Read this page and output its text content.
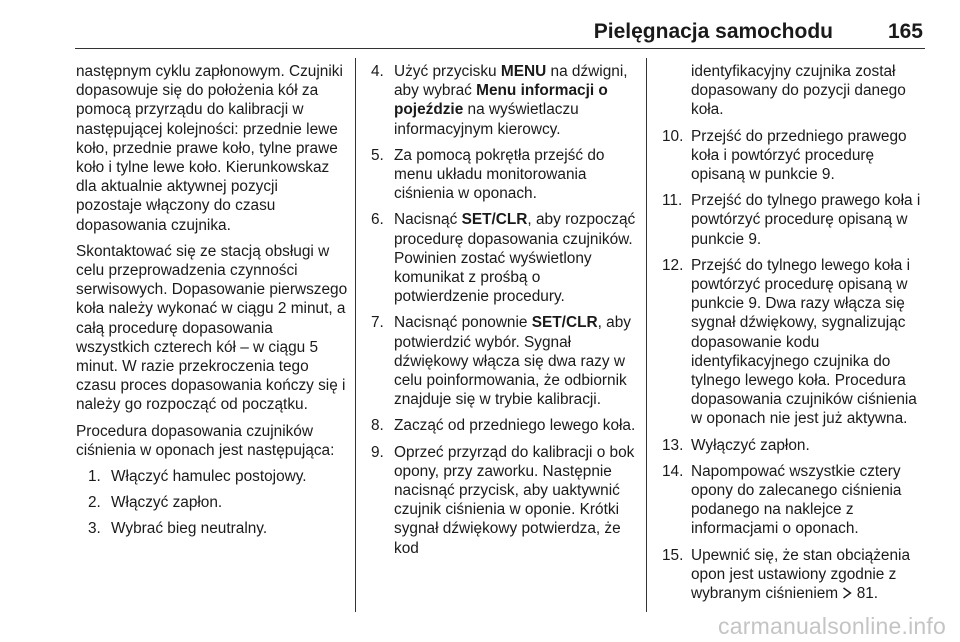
Pielęgnacja samochodu	165

następnym cyklu zapłonowym. Czujniki dopasowuje się do położenia kół za pomocą przyrządu do kalibracji w następującej kolejności: przednie lewe koło, przednie prawe koło, tylne prawe koło i tylne lewe koło. Kierunkowskaz dla aktualnie aktywnej pozycji pozostaje włączony do czasu dopasowania czujnika.

Skontaktować się ze stacją obsługi w celu przeprowadzenia czynności serwisowych. Dopasowanie pierwszego koła należy wykonać w ciągu 2 minut, a całą procedurę dopasowania wszystkich czterech kół – w ciągu 5 minut. W razie przekroczenia tego czasu proces dopasowania kończy się i należy go rozpocząć od początku.

Procedura dopasowania czujników ciśnienia w oponach jest następująca:

1. Włączyć hamulec postojowy.
2. Włączyć zapłon.
3. Wybrać bieg neutralny.
4. Użyć przycisku MENU na dźwigni, aby wybrać Menu informacji o pojeździe na wyświetlaczu informacyjnym kierowcy.
5. Za pomocą pokrętła przejść do menu układu monitorowania ciśnienia w oponach.
6. Nacisnąć SET/CLR, aby rozpocząć procedurę dopasowania czujników. Powinien zostać wyświetlony komunikat z prośbą o potwierdzenie procedury.
7. Nacisnąć ponownie SET/CLR, aby potwierdzić wybór. Sygnał dźwiękowy włącza się dwa razy w celu poinformowania, że odbiornik znajduje się w trybie kalibracji.
8. Zacząć od przedniego lewego koła.
9. Oprzeć przyrząd do kalibracji o bok opony, przy zaworku. Następnie nacisnąć przycisk, aby uaktywnić czujnik ciśnienia w oponie. Krótki sygnał dźwiękowy potwierdza, że kod

identyfikacyjny czujnika został dopasowany do pozycji danego koła.

10. Przejść do przedniego prawego koła i powtórzyć procedurę opisaną w punkcie 9.
11. Przejść do tylnego prawego koła i powtórzyć procedurę opisaną w punkcie 9.
12. Przejść do tylnego lewego koła i powtórzyć procedurę opisaną w punkcie 9. Dwa razy włącza się sygnał dźwiękowy, sygnalizując dopasowanie kodu identyfikacyjnego czujnika do tylnego lewego koła. Procedura dopasowania czujników ciśnienia w oponach nie jest już aktywna.
13. Wyłączyć zapłon.
14. Napompować wszystkie cztery opony do zalecanego ciśnienia podanego na naklejce z informacjami o oponach.
15. Upewnić się, że stan obciążenia opon jest ustawiony zgodnie z wybranym ciśnieniem 81.
carmanualsonline.info
